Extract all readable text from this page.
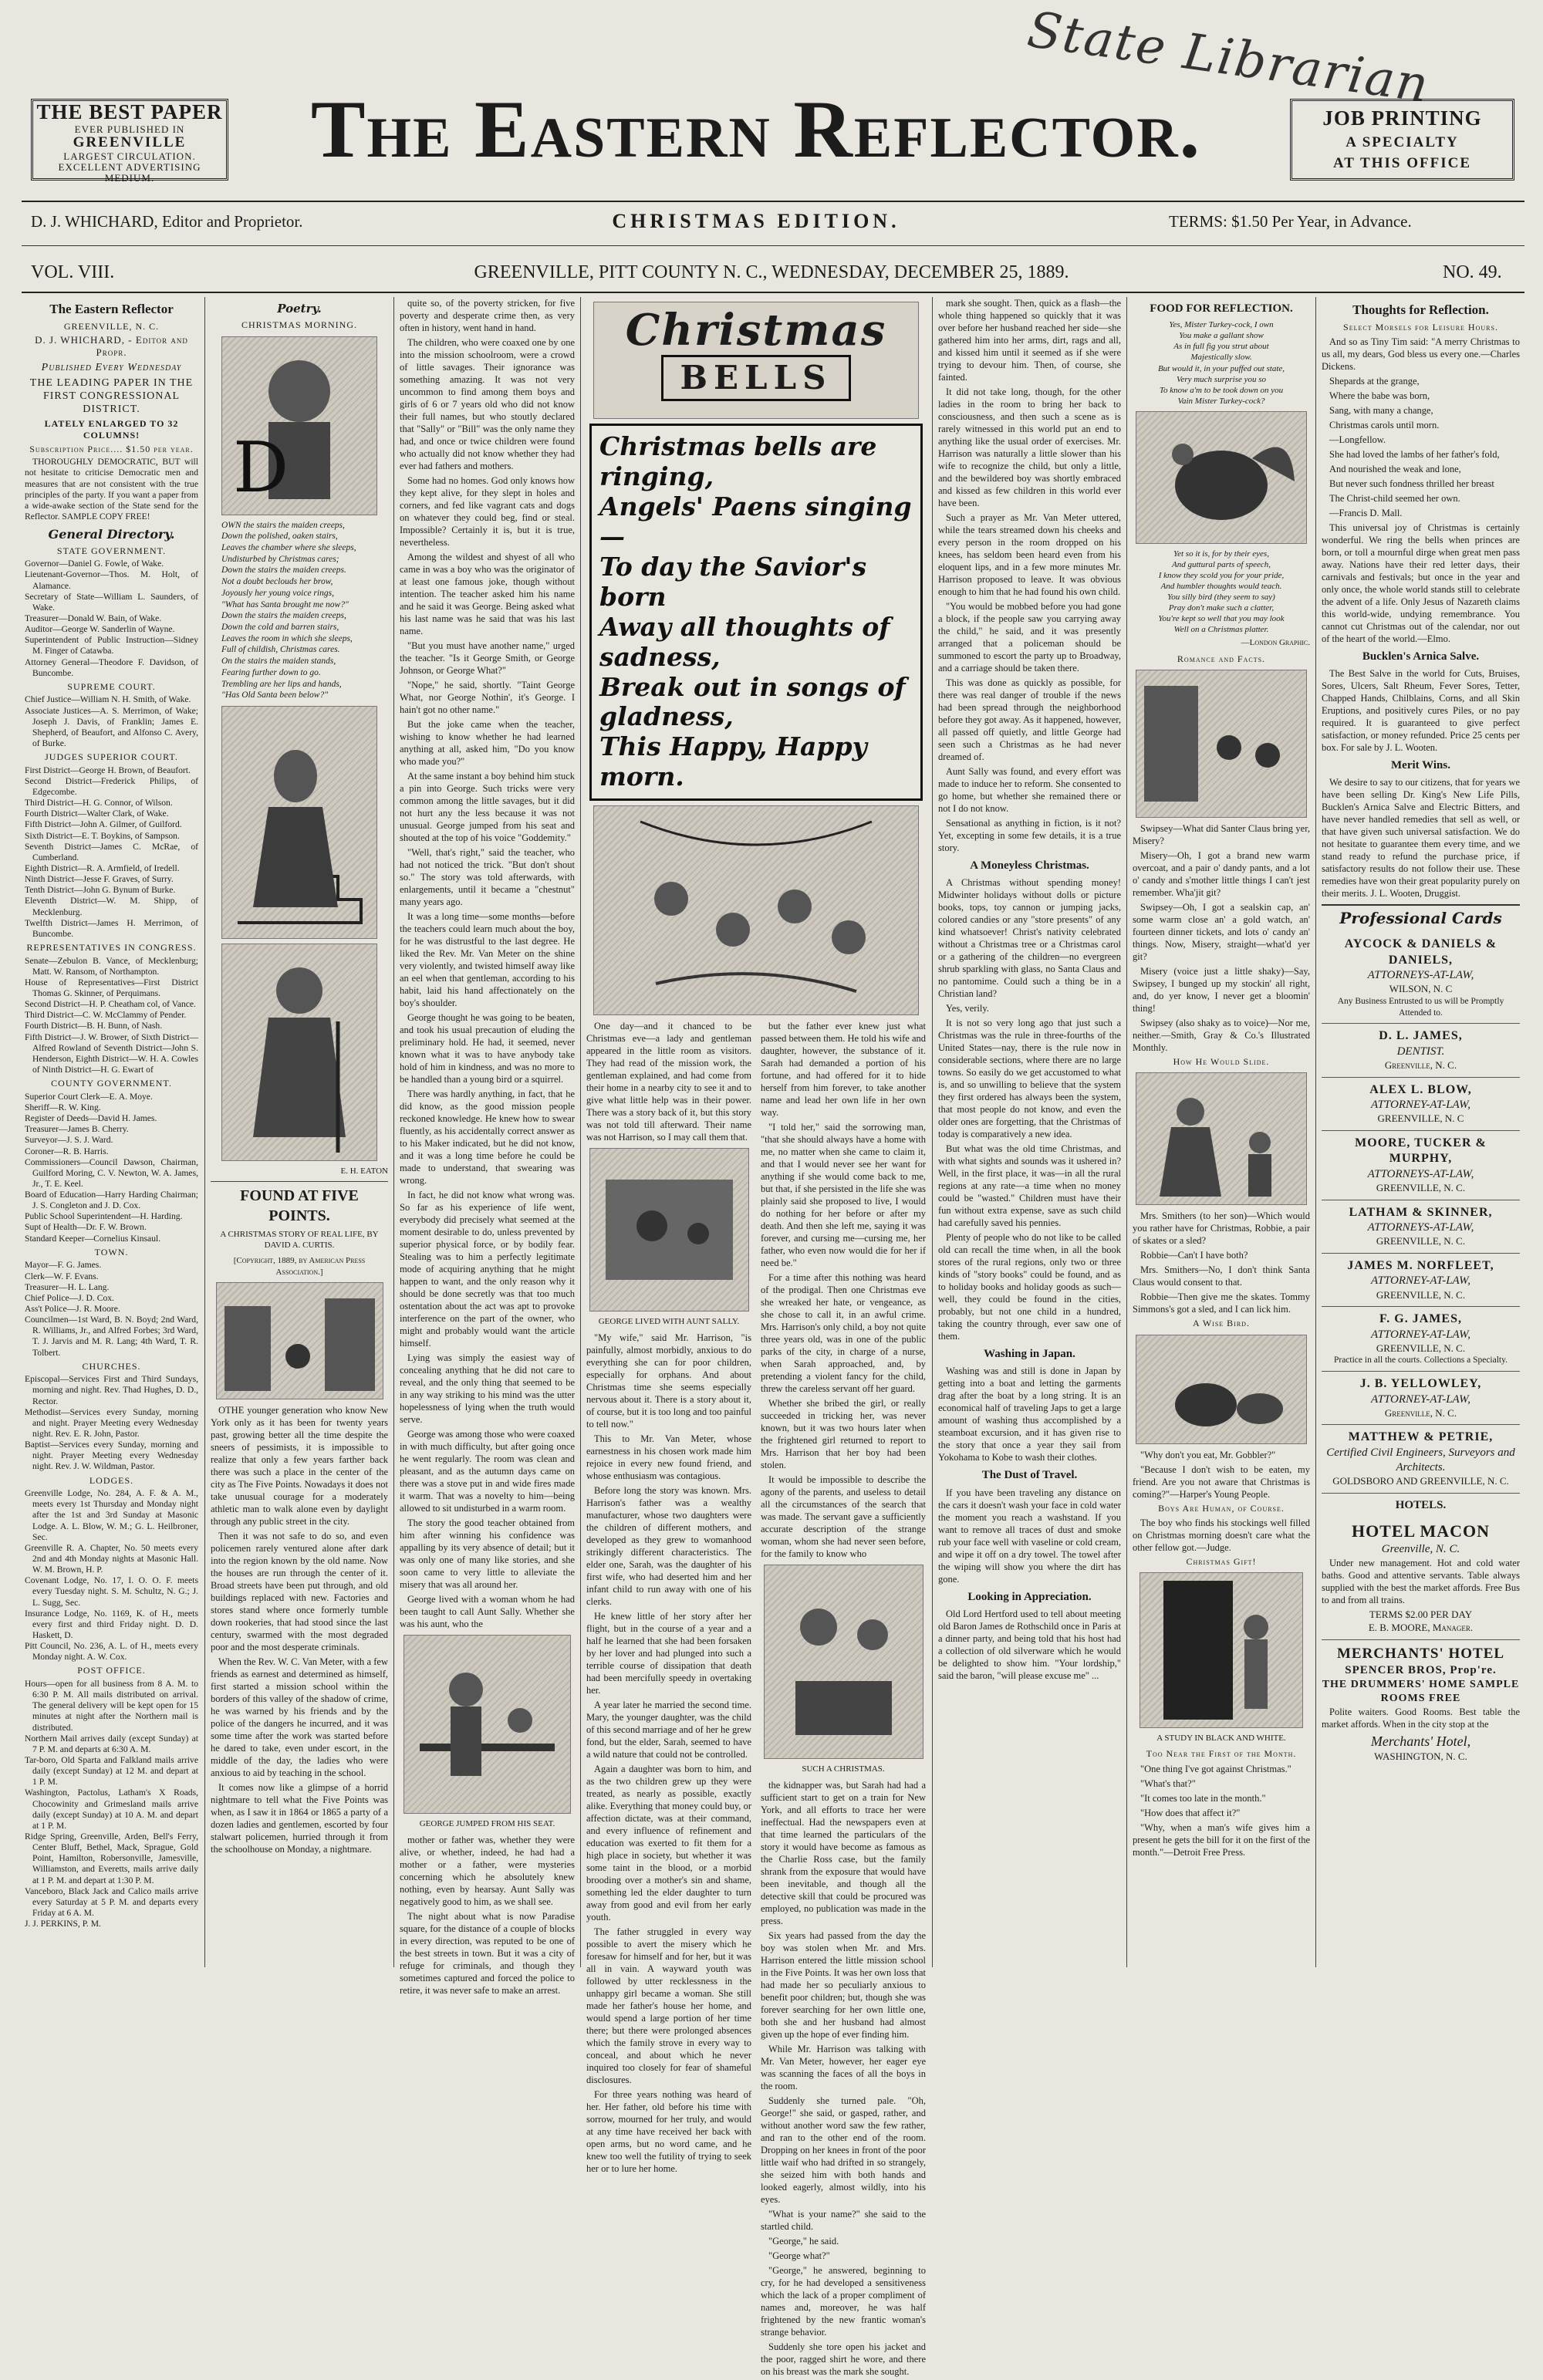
State Librarian
THE BEST PAPER
EVER PUBLISHED IN
GREENVILLE
LARGEST CIRCULATION.
EXCELLENT ADVERTISING MEDIUM.
The Eastern Reflector.	JOB PRINTING
A SPECIALTY
AT THIS OFFICE
D. J. WHICHARD, Editor and Proprietor.	CHRISTMAS EDITION.	TERMS: $1.50 Per Year, in Advance.
VOL. VIII.	GREENVILLE, PITT COUNTY N. C., WEDNESDAY, DECEMBER 25, 1889.	NO. 49.
The Eastern Reflector
GREENVILLE, N. C.
D. J. WHICHARD, - Editor and Propr.
Published Every Wednesday
THE LEADING PAPER IN THE FIRST CONGRESSIONAL DISTRICT.
LATELY ENLARGED TO 32 COLUMNS!
Subscription Price.... $1.50 per year.

THOROUGHLY DEMOCRATIC, BUT will not hesitate to criticise Democratic men and measures that are not consistent with the true principles of the party. If you want a paper from a wide-awake section of the State send for the Reflector. SAMPLE COPY FREE!

General Directory.
STATE GOVERNMENT.
Governor—Daniel G. Fowle, of Wake.
Lieutenant-Governor—Thos. M. Holt, of Alamance.
Secretary of State—William L. Saunders, of Wake.
Treasurer—Donald W. Bain, of Wake.
Auditor—George W. Sanderlin of Wayne.
Superintendent of Public Instruction—Sidney M. Finger of Catawba.
Attorney General—Theodore F. Davidson, of Buncombe.
SUPREME COURT.
Chief Justice—William N. H. Smith, of Wake.
Associate Justices—A. S. Merrimon, of Wake; Joseph J. Davis, of Franklin; James E. Shepherd, of Beaufort, and Alfonso C. Avery, of Burke.
JUDGES SUPERIOR COURT.
First District—George H. Brown, of Beaufort.
Second District—Frederick Philips, of Edgecombe.
Third District—H. G. Connor, of Wilson.
Fourth District—Walter Clark, of Wake.
Fifth District—John A. Gilmer, of Guilford.
Sixth District—E. T. Boykins, of Sampson.
Seventh District—James C. McRae, of Cumberland.
Eighth District—R. A. Armfield, of Iredell.
Ninth District—Jesse F. Graves, of Surry.
Tenth District—John G. Bynum of Burke.
Eleventh District—W. M. Shipp, of Mecklenburg.
Twelfth District—James H. Merrimon, of Buncombe.
REPRESENTATIVES IN CONGRESS.
Senate—Zebulon B. Vance, of Mecklenburg; Matt. W. Ransom, of Northampton.
House of Representatives—First District Thomas G. Skinner, of Perquimans.
Second District—H. P. Cheatham col, of Vance.
Third District—C. W. McClammy of Pender.
Fourth District—B. H. Bunn, of Nash.
Fifth District—J. W. Brower, of Sixth District—Alfred Rowland of Seventh District—John S. Henderson, Eighth District—W. H. A. Cowles of Ninth District—H. G. Ewart of
COUNTY GOVERNMENT.
Superior Court Clerk—E. A. Moye.
Sheriff—R. W. King.
Register of Deeds—David H. James.
Treasurer—James B. Cherry.
Surveyor—J. S. J. Ward.
Coroner—R. B. Harris.
Commissioners—Council Dawson, Chairman, Guilford Moring, C. V. Newton, W. A. James, Jr., T. E. Keel.
Board of Education—Harry Harding Chairman; J. S. Congleton and J. D. Cox.
Public School Superintendent—H. Harding.
Supt of Health—Dr. F. W. Brown.
Standard Keeper—Cornelius Kinsaul.
TOWN.
Mayor—F. G. James.
Clerk—W. F. Evans.
Treasurer—H. L. Lang.
Chief Police—J. D. Cox.
Ass't Police—J. R. Moore.
Councilmen—1st Ward, B. N. Boyd; 2nd Ward, R. Williams, Jr., and Alfred Forbes; 3rd Ward, T. J. Jarvis and M. R. Lang; 4th Ward, T. R. Tolbert.
CHURCHES.
Episcopal—Services First and Third Sundays, morning and night. Rev. Thad Hughes, D. D., Rector.
Methodist—Services every Sunday, morning and night. Prayer Meeting every Wednesday night. Rev. E. R. John, Pastor.
Baptist—Services every Sunday, morning and night. Prayer Meeting every Wednesday night. Rev. J. W. Wildman, Pastor.
LODGES.
Greenville Lodge, No. 284, A. F. & A. M., meets every 1st Thursday and Monday night after the 1st and 3rd Sunday at Masonic Lodge. A. L. Blow, W. M.; G. L. Heilbroner, Sec.
Greenville R. A. Chapter, No. 50 meets every 2nd and 4th Monday nights at Masonic Hall. W. M. Brown, H. P.
Covenant Lodge, No. 17, I. O. O. F. meets every Tuesday night. S. M. Schultz, N. G.; J. L. Sugg, Sec.
Insurance Lodge, No. 1169, K. of H., meets every first and third Friday night. D. D. Haskett, D.
Pitt Council, No. 236, A. L. of H., meets every Monday night. A. W. Cox.
POST OFFICE.
Hours—open for all business from 8 A. M. to 6:30 P. M. All mails distributed on arrival. The general delivery will be kept open for 15 minutes at night after the Northern mail is distributed.
Northern Mail arrives daily (except Sunday) at 7 P. M. and departs at 6:30 A. M.
Tar-boro, Old Sparta and Falkland mails arrive daily (except Sunday) at 12 M. and depart at 1 P. M.
Washington, Pactolus, Latham's X Roads, Chocowinity and Grimesland mails arrive daily (except Sunday) at 10 A. M. and depart at 1 P. M.
Ridge Spring, Greenville, Arden, Bell's Ferry, Center Bluff, Bethel, Mack, Sprague, Gold Point, Hamilton, Robersonville, Jamesville, Williamston, and Everetts, mails arrive daily at 1 P. M. and depart at 1:30 P. M.
Vanceboro, Black Jack and Calico mails arrive every Saturday at 5 P. M. and departs every Friday at 6 A. M.
J. J. PERKINS, P. M.
Poetry.
CHRISTMAS MORNING.
D
OWN the stairs the maiden creeps,
Down the polished, oaken stairs,
Leaves the chamber where she sleeps,
Undisturbed by Christmas cares;
Down the stairs the maiden creeps.
Not a doubt beclouds her brow,
Joyously her young voice rings,
"What has Santa brought me now?"
Down the stairs the maiden creeps,
Down the cold and barren stairs,
Leaves the room in which she sleeps,
Full of childish, Christmas cares.
On the stairs the maiden stands,
Fearing further down to go.
Trembling are her lips and hands,
"Has Old Santa been below?"
E. H. EATON
FOUND AT FIVE POINTS.
A CHRISTMAS STORY OF REAL LIFE, BY DAVID A. CURTIS.
[Copyright, 1889, by American Press Association.]

OTHE younger generation who know New York only as it has been for twenty years past, growing better all the time despite the sneers of pessimists, it is impossible to realize that only a few years farther back there was such a place in the center of the city as The Five Points. Nowadays it does not take unusual courage for a moderately athletic man to walk alone even by daylight through any public street in the city.

Then it was not safe to do so, and even policemen rarely ventured alone after dark into the region known by the old name. Now the houses are run through the center of it. Broad streets have been put through, and old buildings replaced with new. Factories and stores stand where once formerly tumble down rookeries, that had stood since the last century, swarmed with the most degraded poor and the most desperate criminals.

When the Rev. W. C. Van Meter, with a few friends as earnest and determined as himself, first started a mission school within the borders of this valley of the shadow of crime, he was warned by his friends and by the police of the dangers he incurred, and it was some time after the work was started before he dared to take, even under escort, in the middle of the day, the ladies who were anxious to aid by teaching in the school.

It comes now like a glimpse of a horrid nightmare to tell what the Five Points was when, as I saw it in 1864 or 1865 a party of a dozen ladies and gentlemen, escorted by four stalwart policemen, hurried through it from the schoolhouse on Monday, a nightmare.

quite so, of the poverty stricken, for five poverty and desperate crime then, as very often in history, went hand in hand.

The children, who were coaxed one by one into the mission schoolroom, were a crowd of little savages. Their ignorance was something amazing. It was not very uncommon to find among them boys and girls of 6 or 7 years old who did not know their full names, but who stoutly declared that "Sally" or "Bill" was the only name they had, and once or twice children were found who actually did not know whether they had ever had fathers and mothers.

Some had no homes. God only knows how they kept alive, for they slept in holes and corners, and fed like vagrant cats and dogs on whatever they could beg, find or steal. Impossible? Certainly it is, but it is true, nevertheless.

Among the wildest and shyest of all who came in was a boy who was the originator of at least one famous joke, though without intention. The teacher asked him his name and he said it was George. Being asked what his last name was he said that was his last name.

"But you must have another name," urged the teacher. "Is it George Smith, or George Johnson, or George What?"

"Nope," he said, shortly. "Taint George What, nor George Nothin', it's George. I hain't got no other name."

But the joke came when the teacher, wishing to know whether he had learned anything at all, asked him, "Do you know who made you?"

At the same instant a boy behind him stuck a pin into George. Such tricks were very common among the little savages, but it did not hurt any the less because it was not unusual. George jumped from his seat and shouted at the top of his voice "Goddemity."

"Well, that's right," said the teacher, who had not noticed the trick. "But don't shout so." The story was told afterwards, with enlargements, until it became a "chestnut" many years ago.

It was a long time—some months—before the teachers could learn much about the boy, for he was distrustful to the last degree. He liked the Rev. Mr. Van Meter on the shine very violently, and twisted himself away like an eel when that gentleman, according to his habit, laid his hand affectionately on the boy's shoulder.

George thought he was going to be beaten, and took his usual precaution of eluding the preliminary hold. He had, it seemed, never known what it was to have anybody take hold of him in kindness, and was no more to be handled than a young bird or a squirrel.

There was hardly anything, in fact, that he did know, as the good mission people reckoned knowledge. He knew how to swear fluently, as his accidentally correct answer as to his Maker indicated, but he did not know, and it was a long time before he could be made to understand, that swearing was wrong.

In fact, he did not know what wrong was. So far as his experience of life went, everybody did precisely what seemed at the moment desirable to do, unless prevented by superior physical force, or by bodily fear. Stealing was to him a perfectly legitimate mode of acquiring anything that he might happen to want, and the only reason why it should be done secretly was that too much ostentation about the act was apt to provoke interference on the part of the owner, who might and probably would want the article himself.

Lying was simply the easiest way of concealing anything that he did not care to reveal, and the only thing that seemed to be in any way striking to his mind was the utter hopelessness of lying when the truth would serve.

George was among those who were coaxed in with much difficulty, but after going once he went regularly. The room was clean and pleasant, and as the autumn days came on there was a stove put in and wide fires made it warm. That was a novelty to him—being allowed to sit undisturbed in a warm room.

The story the good teacher obtained from him after winning his confidence was appalling by its very absence of detail; but it was only one of many like stories, and she soon came to very little to alleviate the misery that was all around her.

George lived with a woman whom he had been taught to call Aunt Sally. Whether she was his aunt, who the

GEORGE JUMPED FROM HIS SEAT.

mother or father was, whether they were alive, or whether, indeed, he had had a mother or a father, were mysteries concerning which he absolutely knew nothing, even by hearsay. Aunt Sally was negatively good to him, as we shall see.

The night about what is now Paradise square, for the distance of a couple of blocks in every direction, was reputed to be one of the best streets in town. But it was a city of refuge for criminals, and though they sometimes captured and forced the police to retire, it was never safe to make an arrest.

Christmas
BELLS
Christmas bells are ringing,
Angels' Paens singing—
To day the Savior's born
Away all thoughts of sadness,
Break out in songs of gladness,
This Happy, Happy morn.

One day—and it chanced to be Christmas eve—a lady and gentleman appeared in the little room as visitors. They had read of the mission work, the gentleman explained, and had come from their home in a nearby city to see it and to give what little help was in their power. There was a story back of it, but this story was not told till afterward. Their name was not Harrison, so I may call them that.

GEORGE LIVED WITH AUNT SALLY.

"My wife," said Mr. Harrison, "is painfully, almost morbidly, anxious to do everything she can for poor children, especially for orphans. And about Christmas time she seems especially nervous about it. There is a story about it, of course, but it is too long and too painful to tell now."

This to Mr. Van Meter, whose earnestness in his chosen work made him rejoice in every new found friend, and whose enthusiasm was contagious.

Before long the story was known. Mrs. Harrison's father was a wealthy manufacturer, whose two daughters were the children of different mothers, and developed as they grew to womanhood strikingly different characteristics. The elder one, Sarah, was the daughter of his first wife, who had deserted him and her infant child to run away with one of his clerks.

He knew little of her story after her flight, but in the course of a year and a half he learned that she had been forsaken by her lover and had plunged into such a terrible course of dissipation that death had been mercifully speedy in overtaking her.

A year later he married the second time. Mary, the younger daughter, was the child of this second marriage and of her he grew fond, but the elder, Sarah, seemed to have a wild nature that could not be controlled.

Again a daughter was born to him, and as the two children grew up they were treated, as nearly as possible, exactly alike. Everything that money could buy, or affection dictate, was at their command, and every influence of refinement and education was exerted to fit them for a high place in society, but whether it was some taint in the blood, or a morbid brooding over a mother's sin and shame, something led the elder daughter to turn away from good and evil from her early youth.

The father struggled in every way possible to avert the misery which he foresaw for himself and for her, but it was all in vain. A wayward youth was followed by utter recklessness in the unhappy girl became a woman. She still made her father's house her home, and would spend a large portion of her time there; but there were prolonged absences which the family strove in every way to conceal, and about which he never inquired too closely for fear of shameful disclosures.

For three years nothing was heard of her. Her father, old before his time with sorrow, mourned for her truly, and would at any time have received her back with open arms, but no word came, and he knew too well the futility of trying to seek her or to lure her home.

but the father ever knew just what passed between them. He told his wife and daughter, however, the substance of it. Sarah had demanded a portion of his fortune, and had offered for it to hide herself from him forever, to take another name and lead her own life in her own way.

"I told her," said the sorrowing man, "that she should always have a home with me, no matter when she came to claim it, and that I would never see her want for anything if she would come back to me, but that, if she persisted in the life she was plainly said she proposed to live, I would do nothing for her before or after my death. And then she left me, saying it was forever, and cursing me—cursing me, her father, who even now would die for her if need be."

For a time after this nothing was heard of the prodigal. Then one Christmas eve she wreaked her hate, or vengeance, as she chose to call it, in an awful crime. Mrs. Harrison's only child, a boy not quite three years old, was in one of the public parks of the city, in charge of a nurse, when Sarah approached, and, by pretending a violent fancy for the child, threw the careless servant off her guard.

Whether she bribed the girl, or really succeeded in tricking her, was never known, but it was two hours later when the frightened girl returned to report to Mrs. Harrison that her boy had been stolen.

It would be impossible to describe the agony of the parents, and useless to detail all the circumstances of the search that was made. The servant gave a sufficiently accurate description of the strange woman, whom she had never seen before, for the family to know who

SUCH A CHRISTMAS.

the kidnapper was, but Sarah had had a sufficient start to get on a train for New York, and all efforts to trace her were ineffectual. Had the newspapers even at that time learned the particulars of the story it would have become as famous as the Charlie Ross case, but the family shrank from the exposure that would have been inevitable, and though all the detective skill that could be procured was employed, no publication was made in the press.

Six years had passed from the day the boy was stolen when Mr. and Mrs. Harrison entered the little mission school in the Five Points. It was her own loss that had made her so peculiarly anxious to benefit poor children; but, though she was forever searching for her own little one, both she and her husband had almost given up the hope of ever finding him.

While Mr. Harrison was talking with Mr. Van Meter, however, her eager eye was scanning the faces of all the boys in the room.

Suddenly she turned pale. "Oh, George!" she said, or gasped, rather, and without another word saw the few rather, and ran to the other end of the room. Dropping on her knees in front of the poor little waif who had drifted in so strangely, she seized him with both hands and looked eagerly, almost wildly, into his eyes.

"What is your name?" she said to the startled child.

"George," he said.

"George what?"

"George," he answered, beginning to cry, for he had developed a sensitiveness which the lack of a proper compliment of names and, moreover, he was half frightened by the new frantic woman's strange behavior.

Suddenly she tore open his jacket and the poor, ragged shirt he wore, and there on his breast was the mark she sought.

mark she sought. Then, quick as a flash—the whole thing happened so quickly that it was over before her husband reached her side—she gathered him into her arms, dirt, rags and all, and kissed him until it seemed as if she were trying to devour him. Then, of course, she fainted.

It did not take long, though, for the other ladies in the room to bring her back to consciousness, and then such a scene as is rarely witnessed in this world put an end to anything like the usual order of exercises. Mr. Harrison was naturally a little slower than his wife to recognize the child, but only a little, and the bewildered boy was shortly embraced and kissed as few children in this world ever have been.

Such a prayer as Mr. Van Meter uttered, while the tears streamed down his cheeks and every person in the room dropped on his knees, has seldom been heard even from his eloquent lips, and in a few more minutes Mr. Harrison proposed to leave. It was obvious enough to him that he had found his own child.

"You would be mobbed before you had gone a block, if the people saw you carrying away the child," he said, and it was presently arranged that a policeman should be summoned to escort the party up to Broadway, and a carriage should be taken there.

This was done as quickly as possible, for there was real danger of trouble if the news had been spread through the neighborhood before they got away. As it happened, however, all passed off quietly, and little George had seen such a Christmas as he had never dreamed of.

Aunt Sally was found, and every effort was made to induce her to reform. She consented to go home, but whether she remained there or not I do not know.

Sensational as anything in fiction, is it not? Yet, excepting in some few details, it is a true story.

A Moneyless Christmas.

A Christmas without spending money! Midwinter holidays without dolls or picture books, tops, toy cannon or jumping jacks, colored candies or any "store presents" of any kind whatsoever! Christ's nativity celebrated without a Christmas tree or a Christmas carol or a gathering of the children—no evergreen shrub sparkling with glass, no Santa Claus and no pantomime. Could such a thing be in a Christian land?

Yes, verily.

It is not so very long ago that just such a Christmas was the rule in three-fourths of the United States—nay, there is the rule now in considerable sections, where there are no large towns. So easily do we get accustomed to what is, and so unwilling to believe that the system they first ordered has always been the system, that most people do not know, and even the older ones are forgetting, that the Christmas of today is comparatively a new idea.

But what was the old time Christmas, and with what sights and sounds was it ushered in? Well, in the first place, it was—in all the rural regions at any rate—a time when no money could be "wasted." Children must have their fun without extra expense, save as such child had carefully saved his pennies.

Plenty of people who do not like to be called old can recall the time when, in all the book stores of the rural regions, only two or three kinds of "story books" could be found, and as to holiday books and holiday goods as such—well, they could be found in the cities, probably, but not one child in a hundred, taking the country through, ever saw one of them.

Washing in Japan.

Washing was and still is done in Japan by getting into a boat and letting the garments drag after the boat by a long string. It is an economical half of traveling Japs to get a large amount of washing thus accomplished by a steamboat excursion, and it has given rise to the story that once a year they sail from Yokohama to Kobe to wash their clothes.

The Dust of Travel.

If you have been traveling any distance on the cars it doesn't wash your face in cold water the moment you reach a washstand. If you want to remove all traces of dust and smoke rub your face well with vaseline or cold cream, and wipe it off on a dry towel. The towel after the wiping will show you where the dirt has gone.

Looking in Appreciation.

Old Lord Hertford used to tell about meeting old Baron James de Rothschild once in Paris at a dinner party, and being told that his host had a collection of old silverware which he would be delighted to show him. "Your lordship," said the baron, "will please excuse me" ...

FOOD FOR REFLECTION.
Yes, Mister Turkey-cock, I own
You make a gallant show
As in full fig you strut about
Majestically slow.
But would it, in your puffed out state,
Very much surprise you so
To know a'm to be took down on you
Vain Mister Turkey-cock?
Yet so it is, for by their eyes,
And guttural parts of speech,
I know they scold you for your pride,
And humbler thoughts would teach.
You silly bird (they seem to say)
Pray don't make such a clatter,
You're kept so well that you may look
Well on a Christmas platter.
—London Graphic.
Romance and Facts.

Swipsey—What did Santer Claus bring yer, Misery?

Misery—Oh, I got a brand new warm overcoat, and a pair o' dandy pants, and a lot o' candy and s'mother little things I can't jest remember. Wha'jit git?

Swipsey—Oh, I got a sealskin cap, an' some warm close an' a gold watch, an' fourteen dinner tickets, and lots o' candy an' things. Now, Misery, straight—what'd yer git?

Misery (voice just a little shaky)—Say, Swipsey, I bunged up my stockin' all right, and, do yer know, I never get a bloomin' thing!

Swipsey (also shaky as to voice)—Nor me, neither.—Smith, Gray & Co.'s Illustrated Monthly.

How He Would Slide.

Mrs. Smithers (to her son)—Which would you rather have for Christmas, Robbie, a pair of skates or a sled?

Robbie—Can't I have both?

Mrs. Smithers—No, I don't think Santa Claus would consent to that.

Robbie—Then give me the skates. Tommy Simmons's got a sled, and I can lick him.

A Wise Bird.

"Why don't you eat, Mr. Gobbler?"

"Because I don't wish to be eaten, my friend. Are you not aware that Christmas is coming?"—Harper's Young People.

Boys Are Human, of Course.

The boy who finds his stockings well filled on Christmas morning doesn't care what the other fellow got.—Judge.

Christmas Gift!
A STUDY IN BLACK AND WHITE.
Too Near the First of the Month.

"One thing I've got against Christmas."

"What's that?"

"It comes too late in the month."

"How does that affect it?"

"Why, when a man's wife gives him a present he gets the bill for it on the first of the month."—Detroit Free Press.

Thoughts for Reflection.
Select Morsels for Leisure Hours.

And so as Tiny Tim said: "A merry Christmas to us all, my dears, God bless us every one.—Charles Dickens.

Shepards at the grange,

Where the babe was born,

Sang, with many a change,

Christmas carols until morn.

—Longfellow.

She had loved the lambs of her father's fold,

And nourished the weak and lone,

But never such fondness thrilled her breast

The Christ-child seemed her own.

—Francis D. Mall.

This universal joy of Christmas is certainly wonderful. We ring the bells when princes are born, or toll a mournful dirge when great men pass away. Nations have their red letter days, their carnivals and festivals; but once in the year and only once, the whole world stands still to celebrate the advent of a life. Only Jesus of Nazareth claims this world-wide, undying remembrance. You cannot cut Christmas out of the calendar, nor out of the heart of the world.—Elmo.

Bucklen's Arnica Salve.

The Best Salve in the world for Cuts, Bruises, Sores, Ulcers, Salt Rheum, Fever Sores, Tetter, Chapped Hands, Chilblains, Corns, and all Skin Eruptions, and positively cures Piles, or no pay required. It is guaranteed to give perfect satisfaction, or money refunded. Price 25 cents per box. For sale by J. L. Wooten.

Merit Wins.

We desire to say to our citizens, that for years we have been selling Dr. King's New Life Pills, Bucklen's Arnica Salve and Electric Bitters, and have never handled remedies that sell as well, or that have given such universal satisfaction. We do not hesitate to guarantee them every time, and we stand ready to refund the purchase price, if satisfactory results do not follow their use. These remedies have won their great popularity purely on their merits. J. L. Wooten, Druggist.

Professional Cards
AYCOCK & DANIELS & DANIELS,
ATTORNEYS-AT-LAW,
WILSON, N. C
Any Business Entrusted to us will be Promptly Attended to.
D. L. JAMES,
DENTIST.
Greenville, N. C.
ALEX L. BLOW,
ATTORNEY-AT-LAW,
GREENVILLE, N. C
MOORE, TUCKER & MURPHY,
ATTORNEYS-AT-LAW,
GREENVILLE, N. C.
LATHAM & SKINNER,
ATTORNEYS-AT-LAW,
GREENVILLE, N. C.
JAMES M. NORFLEET,
ATTORNEY-AT-LAW,
GREENVILLE, N. C.
F. G. JAMES,
ATTORNEY-AT-LAW,
GREENVILLE, N. C.
Practice in all the courts. Collections a Specialty.
J. B. YELLOWLEY,
ATTORNEY-AT-LAW,
Greenville, N. C.
MATTHEW & PETRIE,
Certified Civil Engineers, Surveyors and Architects.
GOLDSBORO AND GREENVILLE, N. C.
HOTELS.
HOTEL MACON
Greenville, N. C.

Under new management. Hot and cold water baths. Good and attentive servants. Table always supplied with the best the market affords. Free Bus to and from all trains.

TERMS $2.00 PER DAY
E. B. MOORE, Manager.
MERCHANTS' HOTEL
SPENCER BROS, Prop're.
THE DRUMMERS' HOME SAMPLE ROOMS FREE

Polite waiters. Good Rooms. Best table the market affords. When in the city stop at the

Merchants' Hotel,
WASHINGTON, N. C.
